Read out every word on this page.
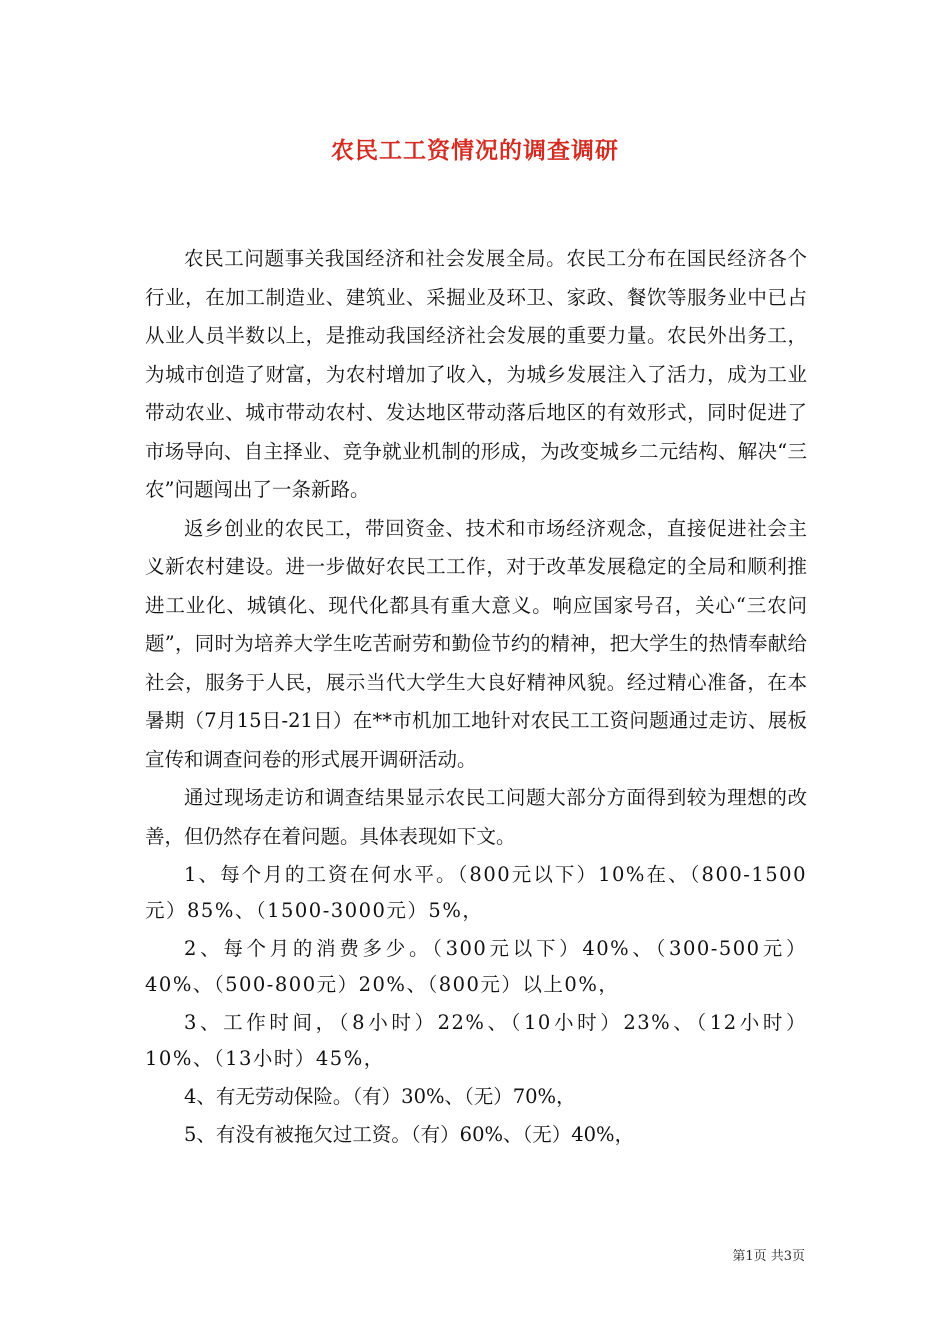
农民工工资情况的调查调研

农民工问题事关我国经济和社会发展全局。农民工分布在国民经济各个行业，在加工制造业、建筑业、采掘业及环卫、家政、餐饮等服务业中已占从业人员半数以上，是推动我国经济社会发展的重要力量。农民外出务工，为城市创造了财富，为农村增加了收入，为城乡发展注入了活力，成为工业带动农业、城市带动农村、发达地区带动落后地区的有效形式，同时促进了市场导向、自主择业、竞争就业机制的形成，为改变城乡二元结构、解决“三农”问题闯出了一条新路。

返乡创业的农民工，带回资金、技术和市场经济观念，直接促进社会主义新农村建设。进一步做好农民工工作，对于改革发展稳定的全局和顺利推进工业化、城镇化、现代化都具有重大意义。响应国家号召，关心“三农问题”，同时为培养大学生吃苦耐劳和勤俭节约的精神，把大学生的热情奉献给社会，服务于人民，展示当代大学生大良好精神风貌。经过精心准备，在本暑期（7月15日-21日）在**市机加工地针对农民工工资问题通过走访、展板宣传和调查问卷的形式展开调研活动。

通过现场走访和调查结果显示农民工问题大部分方面得到较为理想的改善，但仍然存在着问题。具体表现如下文。

1、每个月的工资在何水平。（800元以下）10%在、（800-1500元）85%、（1500-3000元）5%，

2、每个月的消费多少。（300元以下）40%、（300-500元）40%、（500-800元）20%、（800元）以上0%，

3、工作时间，（8小时）22%、（10小时）23%、（12小时）10%、（13小时）45%，

4、有无劳动保险。（有）30%、（无）70%，

5、有没有被拖欠过工资。（有）60%、（无）40%，

第1页 共3页
